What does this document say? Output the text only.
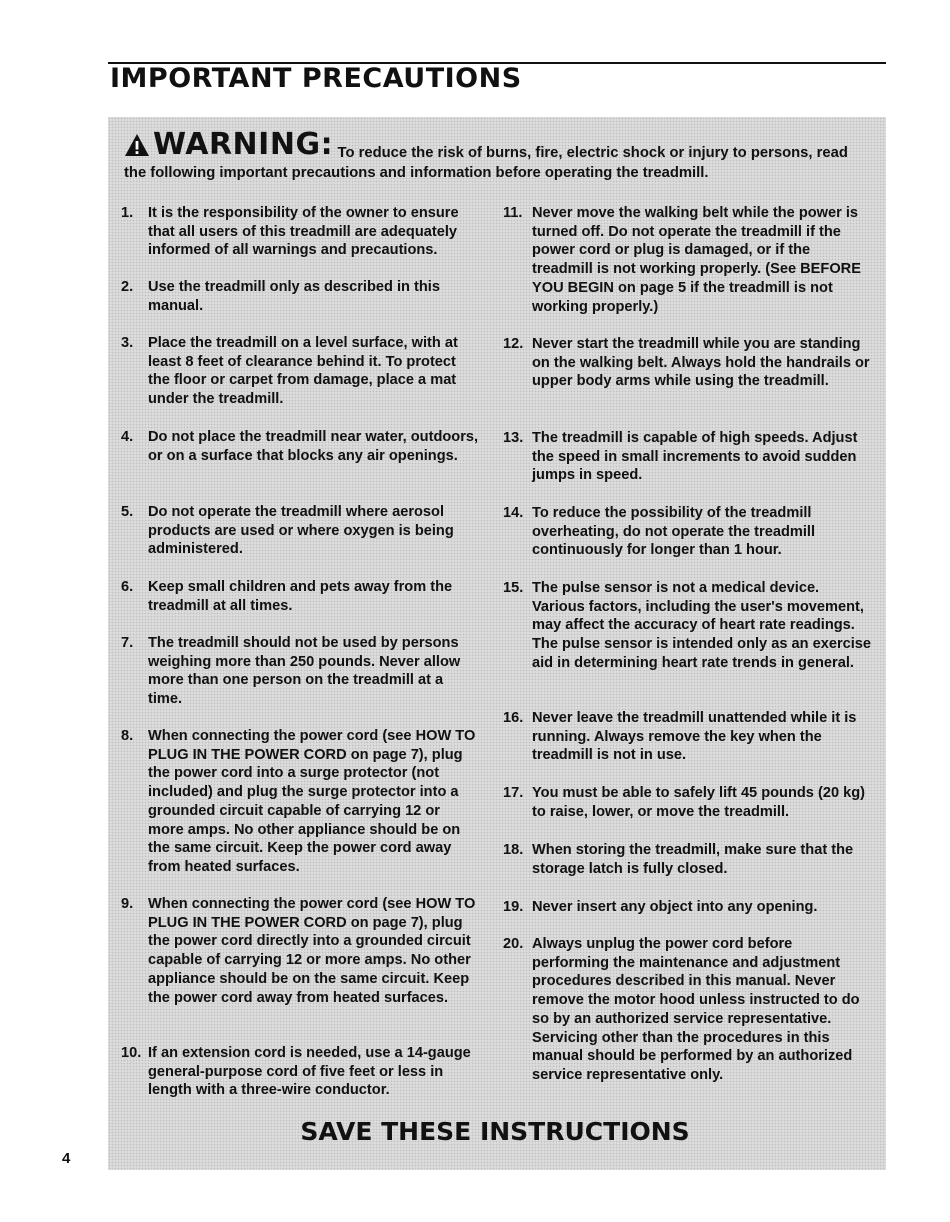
IMPORTANT PRECAUTIONS
WARNING: To reduce the risk of burns, fire, electric shock or injury to persons, read the following important precautions and information before operating the treadmill.
1.	It is the responsibility of the owner to ensure that all users of this treadmill are adequately informed of all warnings and precautions.
2.	Use the treadmill only as described in this manual.
3.	Place the treadmill on a level surface, with at least 8 feet of clearance behind it. To protect the floor or carpet from damage, place a mat under the treadmill.
4.	Do not place the treadmill near water, outdoors, or on a surface that blocks any air openings.
5.	Do not operate the treadmill where aerosol products are used or where oxygen is being administered.
6.	Keep small children and pets away from the treadmill at all times.
7.	The treadmill should not be used by persons weighing more than 250 pounds. Never allow more than one person on the treadmill at a time.
8.	When connecting the power cord (see HOW TO PLUG IN THE POWER CORD on page 7), plug the power cord into a surge protector (not included) and plug the surge protector into a grounded circuit capable of carrying 12 or more amps. No other appliance should be on the same circuit. Keep the power cord away from heated surfaces.
9.	When connecting the power cord (see HOW TO PLUG IN THE POWER CORD on page 7), plug the power cord directly into a grounded circuit capable of carrying 12 or more amps. No other appliance should be on the same circuit. Keep the power cord away from heated surfaces.
10. If an extension cord is needed, use a 14-gauge general-purpose cord of five feet or less in length with a three-wire conductor.
11. Never move the walking belt while the power is turned off. Do not operate the treadmill if the power cord or plug is damaged, or if the treadmill is not working properly. (See BEFORE YOU BEGIN on page 5 if the treadmill is not working properly.)
12. Never start the treadmill while you are standing on the walking belt. Always hold the handrails or upper body arms while using the treadmill.
13. The treadmill is capable of high speeds. Adjust the speed in small increments to avoid sudden jumps in speed.
14. To reduce the possibility of the treadmill overheating, do not operate the treadmill continuously for longer than 1 hour.
15. The pulse sensor is not a medical device. Various factors, including the user's movement, may affect the accuracy of heart rate readings. The pulse sensor is intended only as an exercise aid in determining heart rate trends in general.
16. Never leave the treadmill unattended while it is running. Always remove the key when the treadmill is not in use.
17. You must be able to safely lift 45 pounds (20 kg) to raise, lower, or move the treadmill.
18. When storing the treadmill, make sure that the storage latch is fully closed.
19. Never insert any object into any opening.
20. Always unplug the power cord before performing the maintenance and adjustment procedures described in this manual. Never remove the motor hood unless instructed to do so by an authorized service representative. Servicing other than the procedures in this manual should be performed by an authorized service representative only.
SAVE THESE INSTRUCTIONS
4
